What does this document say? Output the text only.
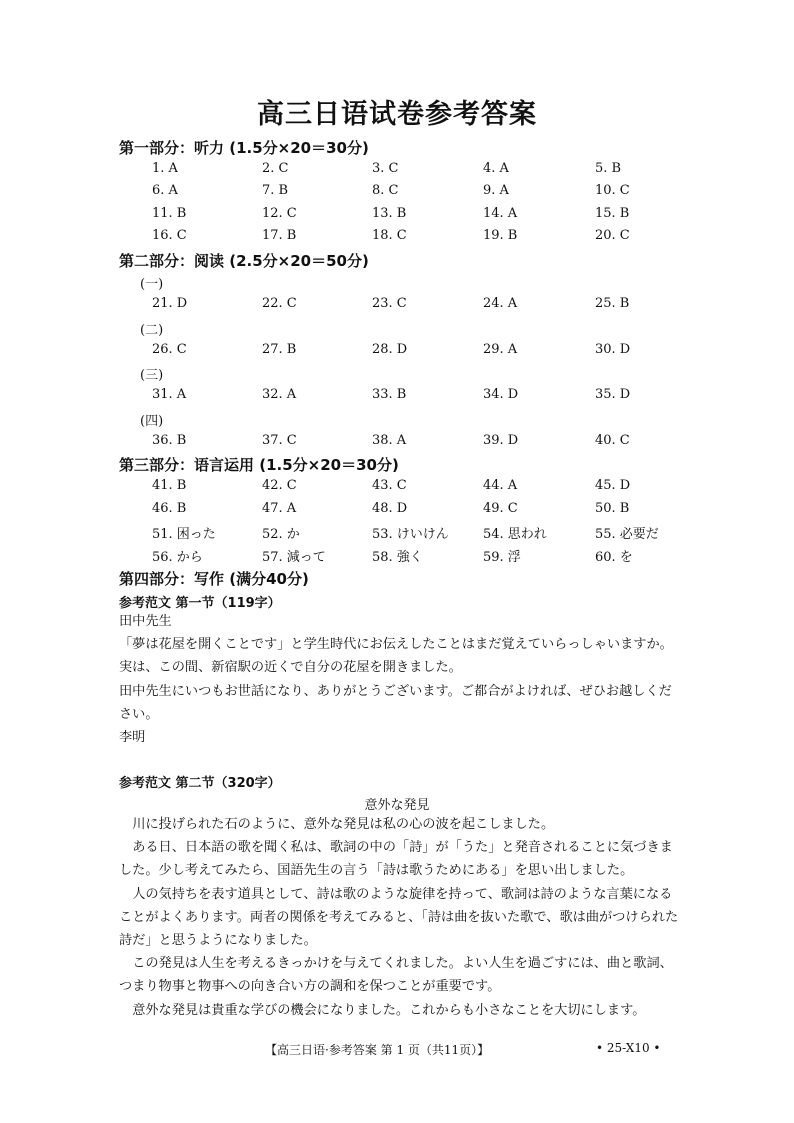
高三日语试卷参考答案
第一部分：听力 (1.5分×20＝30分)
1. A	2. C	3. C	4. A	5. B
6. A	7. B	8. C	9. A	10. C
11. B	12. C	13. B	14. A	15. B
16. C	17. B	18. C	19. B	20. C
第二部分：阅读 (2.5分×20＝50分)
(一)
21. D	22. C	23. C	24. A	25. B
(二)
26. C	27. B	28. D	29. A	30. D
(三)
31. A	32. A	33. B	34. D	35. D
(四)
36. B	37. C	38. A	39. D	40. C
第三部分：语言运用 (1.5分×20＝30分)
41. B	42. C	43. C	44. A	45. D
46. B	47. A	48. D	49. C	50. B
51. 困った	52. か	53. けいけん	54. 思われ	55. 必要だ
56. から	57. 減って	58. 強く	59. 浮	60. を
第四部分：写作 (满分40分)
参考范文 第一节（119字）
田中先生
「夢は花屋を開くことです」と学生時代にお伝えしたことはまだ覚えていらっしゃいますか。実は、この間、新宿駅の近くで自分の花屋を開きました。
田中先生にいつもお世話になり、ありがとうございます。ご都合がよければ、ぜひお越しください。
李明
参考范文 第二节（320字）
意外な発見
川に投げられた石のように、意外な発見は私の心の波を起こしました。
ある日、日本語の歌を聞く私は、歌詞の中の「詩」が「うた」と発音されることに気づきました。少し考えてみたら、国語先生の言う「詩は歌うためにある」を思い出しました。
人の気持ちを表す道具として、詩は歌のような旋律を持って、歌詞は詩のような言葉になることがよくあります。両者の関係を考えてみると、「詩は曲を抜いた歌で、歌は曲がつけられた詩だ」と思うようになりました。
この発見は人生を考えるきっかけを与えてくれました。よい人生を過ごすには、曲と歌詞、つまり物事と物事への向き合い方の調和を保つことが重要です。
意外な発見は貴重な学びの機会になりました。これからも小さなことを大切にします。
【高三日语·参考答案 第 1 页（共11页）】	• 25-X10 •
